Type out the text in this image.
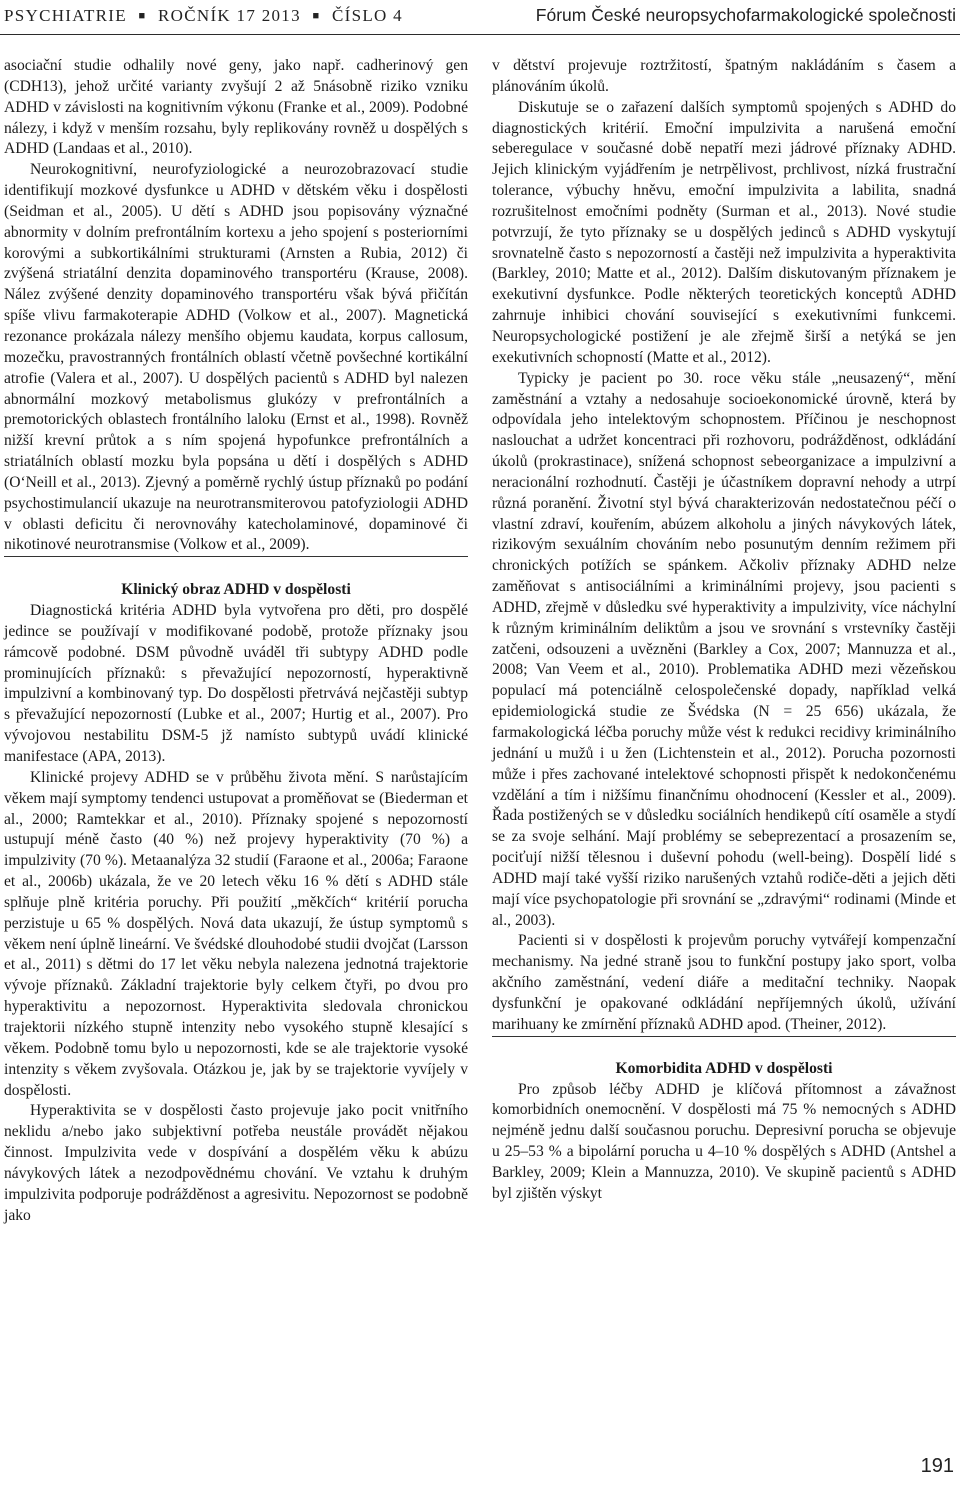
PSYCHIATRIE ■ ROČNÍK 17 2013 ■ ČÍSLO 4	Fórum České neuropsychofarmakologické společnosti

asociační studie odhalily nové geny, jako např. cadherinový gen (CDH13), jehož určité varianty zvyšují 2 až 5násobně riziko vzniku ADHD v závislosti na kognitivním výkonu (Franke et al., 2009). Podobné nálezy, i když v menším rozsahu, byly replikovány rovněž u dospělých s ADHD (Landaas et al., 2010).

Neurokognitivní, neurofyziologické a neurozobrazovací studie identifikují mozkové dysfunkce u ADHD v dětském věku i dospělosti (Seidman et al., 2005). U dětí s ADHD jsou popisovány význačné abnormity v dolním prefrontálním kortexu a jeho spojení s posteriorními korovými a subkortikálními strukturami (Arnsten a Rubia, 2012) či zvýšená striatální denzita dopaminového transportéru (Krause, 2008). Nález zvýšené denzity dopaminového transportéru však bývá přičítán spíše vlivu farmakoterapie ADHD (Volkow et al., 2007). Magnetická rezonance prokázala nálezy menšího objemu kaudata, korpus callosum, mozečku, pravostranných frontálních oblastí včetně povšechné kortikální atrofie (Valera et al., 2007). U dospělých pacientů s ADHD byl nalezen abnormální mozkový metabolismus glukózy v prefrontálních a premotorických oblastech frontálního laloku (Ernst et al., 1998). Rovněž nižší krevní průtok a s ním spojená hypofunkce prefrontálních a striatálních oblastí mozku byla popsána u dětí i dospělých s ADHD (O‘Neill et al., 2013). Zjevný a poměrně rychlý ústup příznaků po podání psychostimulancií ukazuje na neurotransmiterovou patofyziologii ADHD v oblasti deficitu či nerovnováhy katecholaminové, dopaminové či nikotinové neurotransmise (Volkow et al., 2009).

Klinický obraz ADHD v dospělosti

Diagnostická kritéria ADHD byla vytvořena pro děti, pro dospělé jedince se používají v modifikované podobě, protože příznaky jsou rámcově podobné. DSM původně uváděl tři subtypy ADHD podle prominujících příznaků: s převažující nepozorností, hyperaktivně impulzivní a kombinovaný typ. Do dospělosti přetrvává nejčastěji subtyp s převažující nepozorností (Lubke et al., 2007; Hurtig et al., 2007). Pro vývojovou nestabilitu DSM-5 jž namísto subtypů uvádí klinické manifestace (APA, 2013).

Klinické projevy ADHD se v průběhu života mění. S narůstajícím věkem mají symptomy tendenci ustupovat a proměňovat se (Biederman et al., 2000; Ramtekkar et al., 2010). Příznaky spojené s nepozorností ustupují méně často (40 %) než projevy hyperaktivity (70 %) a impulzivity (70 %). Metaanalýza 32 studií (Faraone et al., 2006a; Faraone et al., 2006b) ukázala, že ve 20 letech věku 16 % dětí s ADHD stále splňuje plně kritéria poruchy. Při použití „měkčích“ kritérií porucha perzistuje u 65 % dospělých. Nová data ukazují, že ústup symptomů s věkem není úplně lineární. Ve švédské dlouhodobé studii dvojčat (Larsson et al., 2011) s dětmi do 17 let věku nebyla nalezena jednotná trajektorie vývoje příznaků. Základní trajektorie byly celkem čtyři, po dvou pro hyperaktivitu a nepozornost. Hyperaktivita sledovala chronickou trajektorii nízkého stupně intenzity nebo vysokého stupně klesající s věkem. Podobně tomu bylo u nepozornosti, kde se ale trajektorie vysoké intenzity s věkem zvyšovala. Otázkou je, jak by se trajektorie vyvíjely v dospělosti.

Hyperaktivita se v dospělosti často projevuje jako pocit vnitřního neklidu a/nebo jako subjektivní potřeba neustále provádět nějakou činnost. Impulzivita vede v dospívání a dospělém věku k abúzu návykových látek a nezodpovědnému chování. Ve vztahu k druhým impulzivita podporuje podrážděnost a agresivitu. Nepozornost se podobně jako

v dětství projevuje roztržitostí, špatným nakládáním s časem a plánováním úkolů.

Diskutuje se o zařazení dalších symptomů spojených s ADHD do diagnostických kritérií. Emoční impulzivita a narušená emoční seberegulace v současné době nepatří mezi jádrové příznaky ADHD. Jejich klinickým vyjádřením je netrpělivost, prchlivost, nízká frustrační tolerance, výbuchy hněvu, emoční impulzivita a labilita, snadná rozrušitelnost emočními podněty (Surman et al., 2013). Nové studie potvrzují, že tyto příznaky se u dospělých jedinců s ADHD vyskytují srovnatelně často s nepozorností a častěji než impulzivita a hyperaktivita (Barkley, 2010; Matte et al., 2012). Dalším diskutovaným příznakem je exekutivní dysfunkce. Podle některých teoretických konceptů ADHD zahrnuje inhibici chování související s exekutivními funkcemi. Neuropsychologické postižení je ale zřejmě širší a netýká se jen exekutivních schopností (Matte et al., 2012).

Typicky je pacient po 30. roce věku stále „neusazený“, mění zaměstnání a vztahy a nedosahuje socioekonomické úrovně, která by odpovídala jeho intelektovým schopnostem. Příčinou je neschopnost naslouchat a udržet koncentraci při rozhovoru, podrážděnost, odkládání úkolů (prokrastinace), snížená schopnost sebeorganizace a impulzivní a neracionální rozhodnutí. Častěji je účastníkem dopravní nehody a utrpí různá poranění. Životní styl bývá charakterizován nedostatečnou péčí o vlastní zdraví, kouřením, abúzem alkoholu a jiných návykových látek, rizikovým sexuálním chováním nebo posunutým denním režimem při chronických potížích se spánkem. Ačkoliv příznaky ADHD nelze zaměňovat s antisociálními a kriminálními projevy, jsou pacienti s ADHD, zřejmě v důsledku své hyperaktivity a impulzivity, více náchylní k různým kriminálním deliktům a jsou ve srovnání s vrstevníky častěji zatčeni, odsouzeni a uvězněni (Barkley a Cox, 2007; Mannuzza et al., 2008; Van Veem et al., 2010). Problematika ADHD mezi vězeňskou populací má potenciálně celospolečenské dopady, například velká epidemiologická studie ze Švédska (N = 25 656) ukázala, že farmakologická léčba poruchy může vést k redukci recidivy kriminálního jednání u mužů i u žen (Lichtenstein et al., 2012). Porucha pozornosti může i přes zachované intelektové schopnosti přispět k nedokončenému vzdělání a tím i nižšímu finančnímu ohodnocení (Kessler et al., 2009). Řada postižených se v důsledku sociálních hendikepů cítí osaměle a stydí se za svoje selhání. Mají problémy se sebeprezentací a prosazením se, pociťují nižší tělesnou i duševní pohodu (well-being). Dospělí lidé s ADHD mají také vyšší riziko narušených vztahů rodiče-děti a jejich děti mají více psychopatologie při srovnání se „zdravými“ rodinami (Minde et al., 2003).

Pacienti si v dospělosti k projevům poruchy vytvářejí kompenzační mechanismy. Na jedné straně jsou to funkční postupy jako sport, volba akčního zaměstnání, vedení diáře a meditační techniky. Naopak dysfunkční je opakované odkládání nepříjemných úkolů, užívání marihuany ke zmírnění příznaků ADHD apod. (Theiner, 2012).

Komorbidita ADHD v dospělosti

Pro způsob léčby ADHD je klíčová přítomnost a závažnost komorbidních onemocnění. V dospělosti má 75 % nemocných s ADHD nejméně jednu další současnou poruchu. Depresivní porucha se objevuje u 25–53 % a bipolární porucha u 4–10 % dospělých s ADHD (Antshel a Barkley, 2009; Klein a Mannuzza, 2010). Ve skupině pacientů s ADHD byl zjištěn výskyt

191
